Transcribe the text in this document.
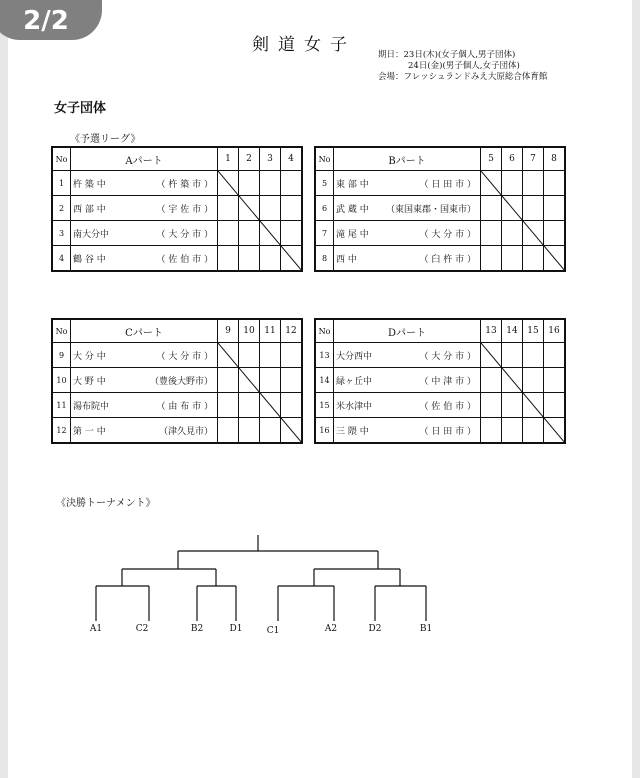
2/2
剣道女子	期日：23日(木)(女子個人,男子団体)
24日(金)(男子個人,女子団体)
会場：フレッシュランドみえ大原総合体育館
女子団体
《予選リーグ》
No	Aパート	1	2	3	4
1	杵 築 中 （ 杵 築 市 ）				

2	西 部 中 （ 宇 佐 市 ）				

3	南大分中 （ 大 分 市 ）				

4	鶴 谷 中 （ 佐 伯 市 ）				

No	Bパート	5	6	7	8
5	東 部 中 （ 日 田 市 ）				

6	武 蔵 中 （東国東郡・国東市）				

7	滝 尾 中 （ 大 分 市 ）				

8	西 中 （ 臼 杵 市 ）				

No	Cパート	9	10	11	12
9	大 分 中 （ 大 分 市 ）				

10	大 野 中 （豊後大野市）				

11	湯布院中 （ 由 布 市 ）				

12	第 一 中 （津久見市）				

No	Dパート	13	14	15	16
13	大分西中 （ 大 分 市 ）				

14	緑ヶ丘中 （ 中 津 市 ）				

15	米水津中 （ 佐 伯 市 ）				

16	三 隈 中 （ 日 田 市 ）				

《決勝トーナメント》
A1	C2	B2	D1	C1	A2	D2	B1
